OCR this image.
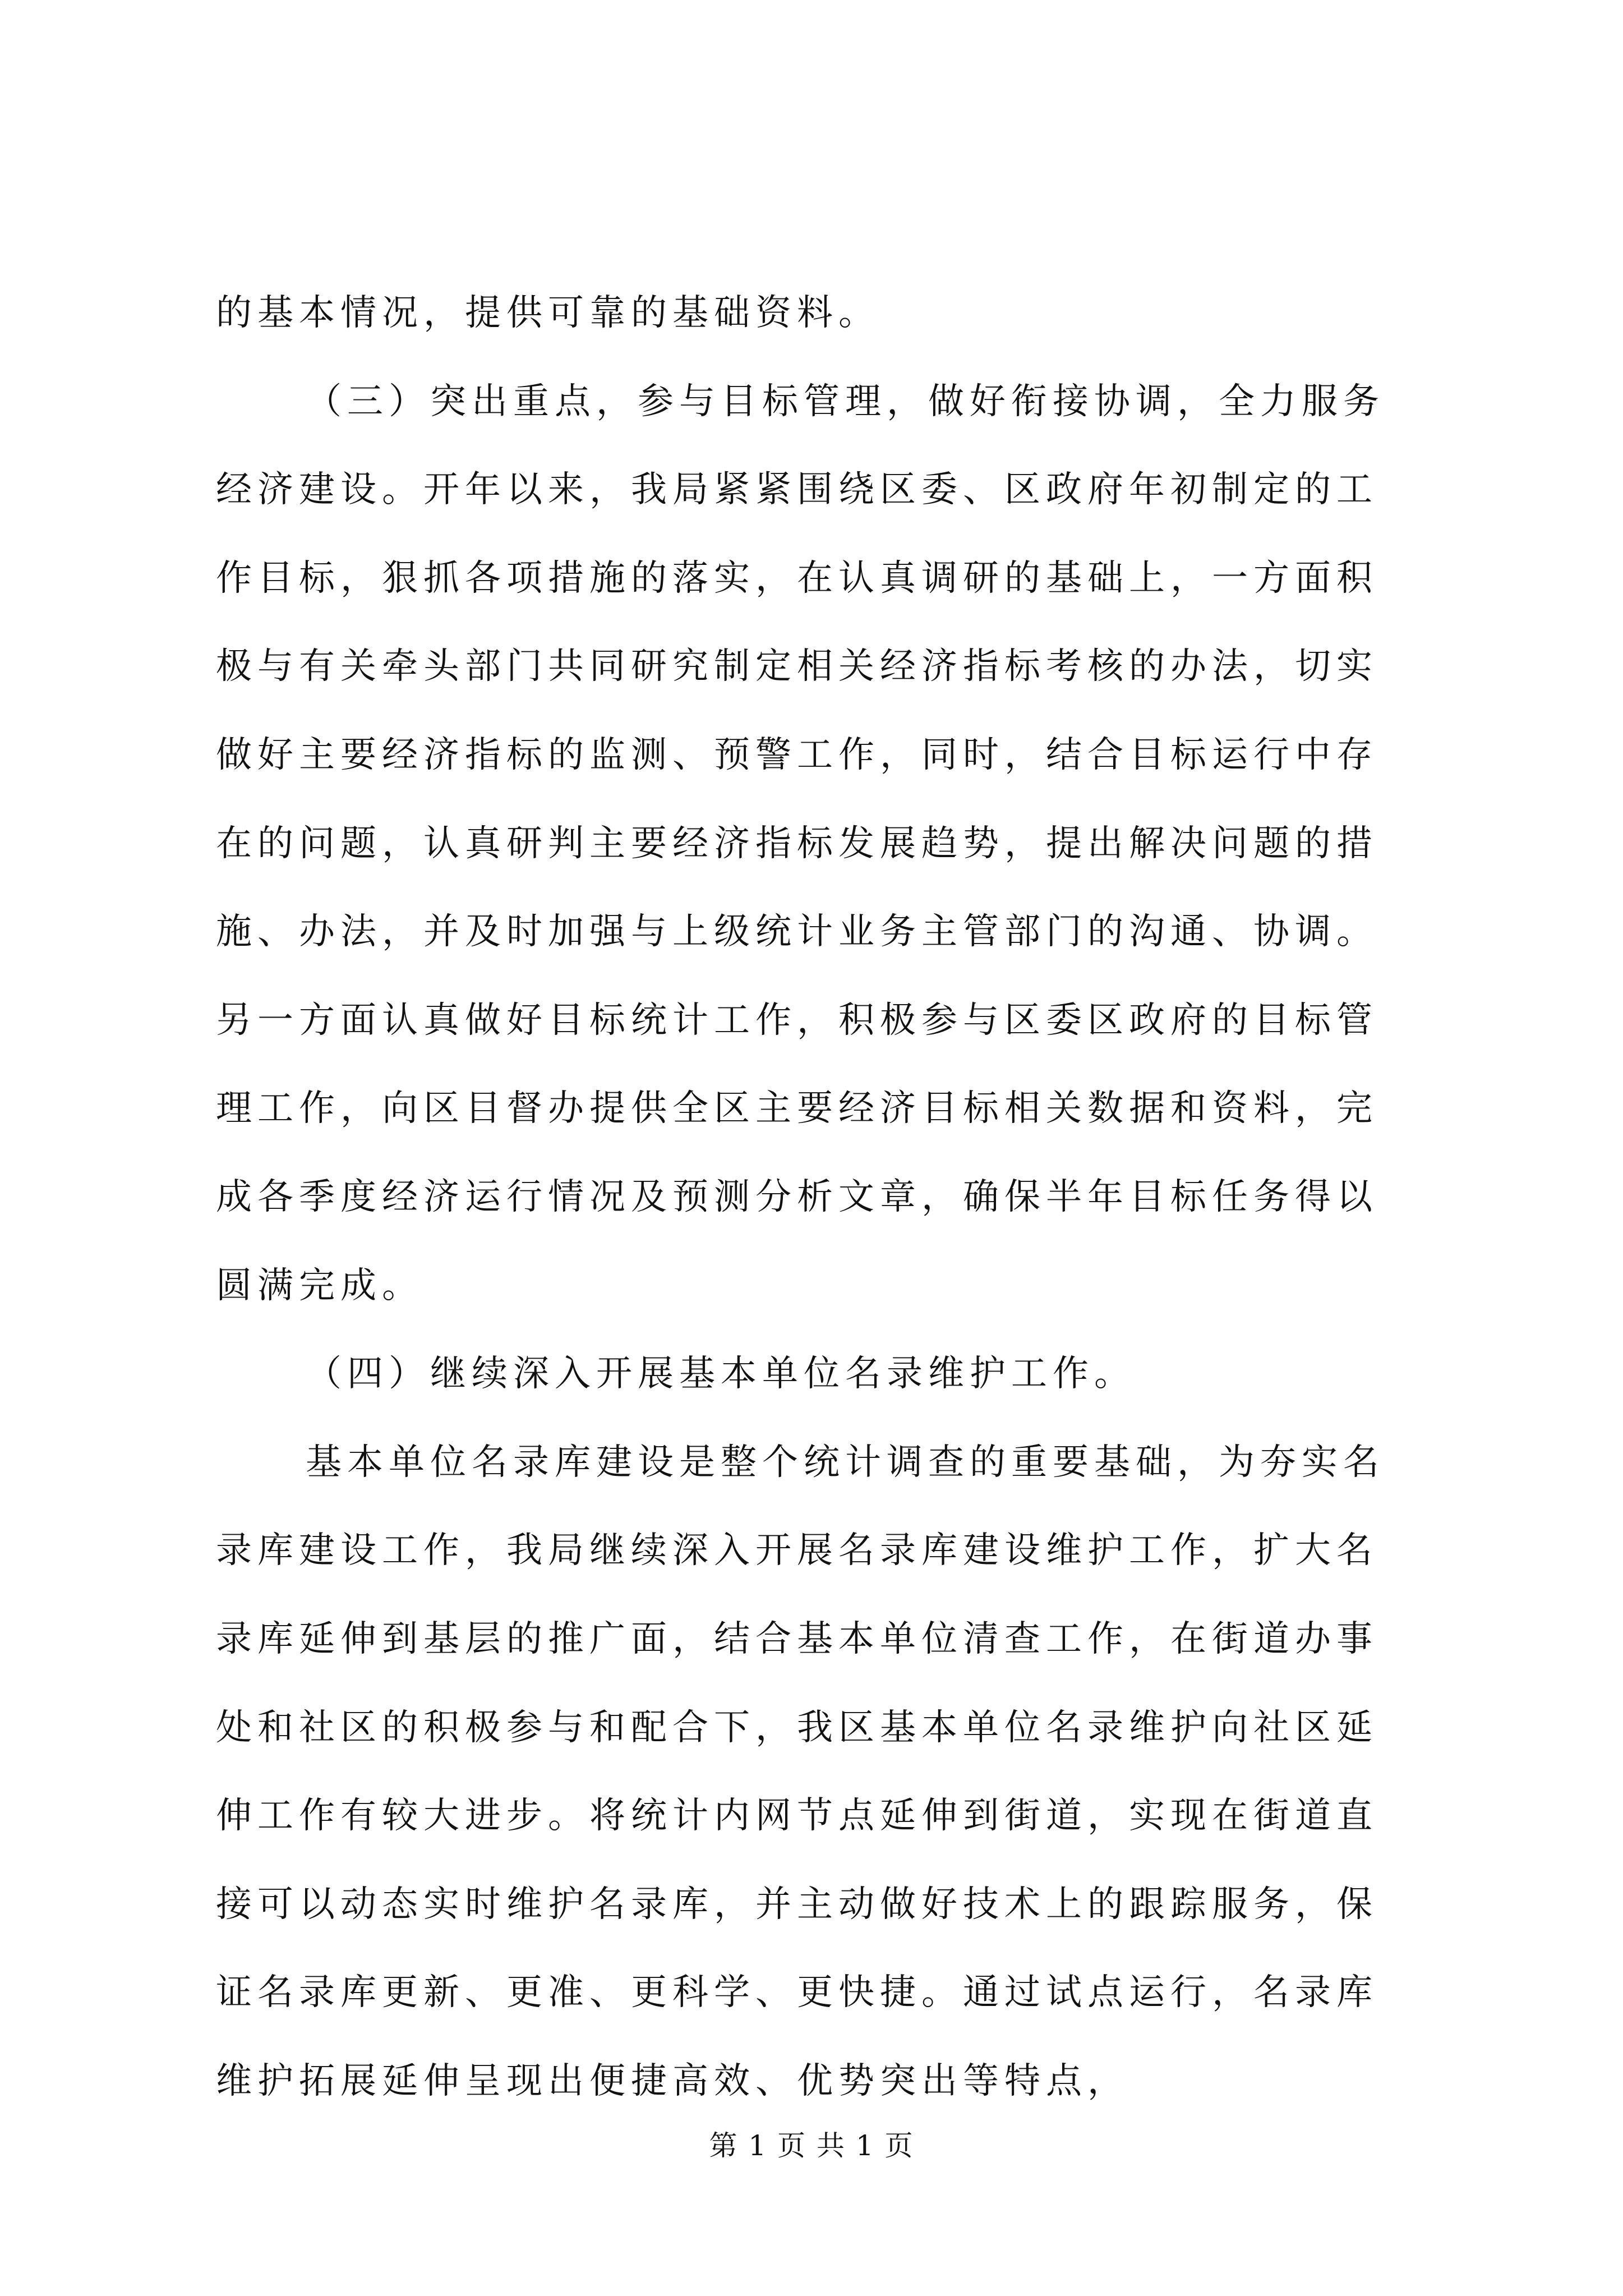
的基本情况，提供可靠的基础资料。
（三）突出重点，参与目标管理，做好衔接协调，全力服务
经济建设。开年以来，我局紧紧围绕区委、区政府年初制定的工
作目标，狠抓各项措施的落实，在认真调研的基础上，一方面积
极与有关牵头部门共同研究制定相关经济指标考核的办法，切实
做好主要经济指标的监测、预警工作，同时，结合目标运行中存
在的问题，认真研判主要经济指标发展趋势，提出解决问题的措
施、办法，并及时加强与上级统计业务主管部门的沟通、协调。
另一方面认真做好目标统计工作，积极参与区委区政府的目标管
理工作，向区目督办提供全区主要经济目标相关数据和资料，完
成各季度经济运行情况及预测分析文章，确保半年目标任务得以
圆满完成。
（四）继续深入开展基本单位名录维护工作。
基本单位名录库建设是整个统计调查的重要基础，为夯实名
录库建设工作，我局继续深入开展名录库建设维护工作，扩大名
录库延伸到基层的推广面，结合基本单位清查工作，在街道办事
处和社区的积极参与和配合下，我区基本单位名录维护向社区延
伸工作有较大进步。将统计内网节点延伸到街道，实现在街道直
接可以动态实时维护名录库，并主动做好技术上的跟踪服务，保
证名录库更新、更准、更科学、更快捷。通过试点运行，名录库
维护拓展延伸呈现出便捷高效、优势突出等特点，
第 1 页 共 1 页
